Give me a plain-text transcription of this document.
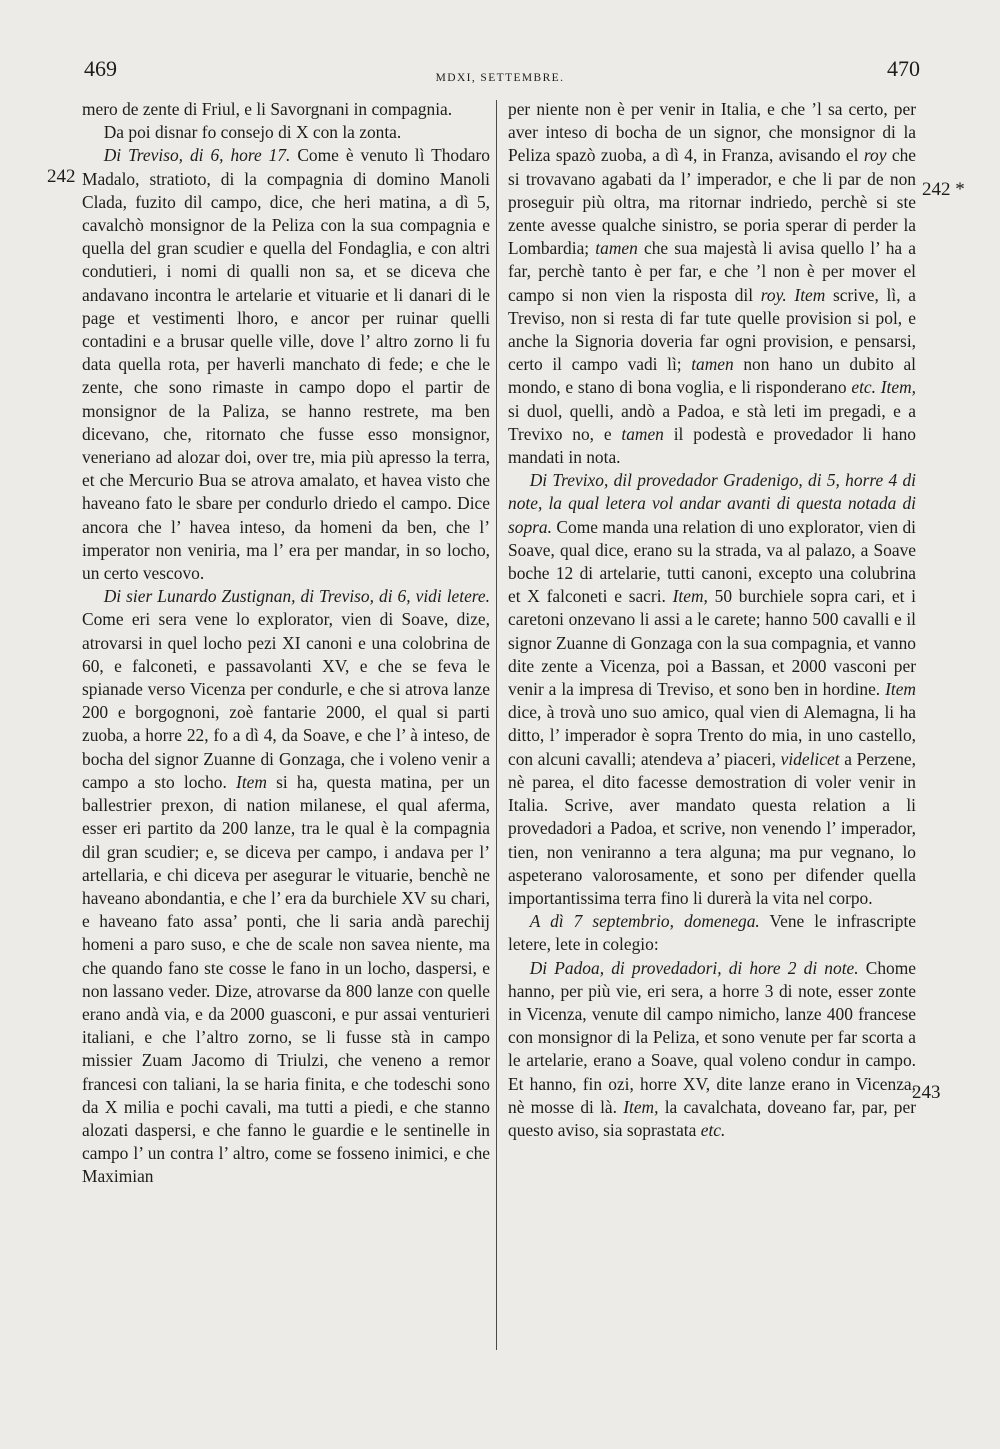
469	MDXI, SETTEMBRE.	470
242
242 *
243

mero de zente di Friul, e li Savorgnani in compagnia.

Da poi disnar fo consejo di X con la zonta.

Di Treviso, di 6, hore 17. Come è venuto lì Thodaro Madalo, stratioto, di la compagnia di domino Manoli Clada, fuzito dil campo, dice, che heri matina, a dì 5, cavalchò monsignor de la Peliza con la sua compagnia e quella del gran scudier e quella del Fondaglia, e con altri condutieri, i nomi di qualli non sa, et se diceva che andavano incontra le artelarie et vituarie et li danari di le page et vestimenti lhoro, e ancor per ruinar quelli contadini e a brusar quelle ville, dove l’ altro zorno li fu data quella rota, per haverli manchato di fede; e che le zente, che sono rimaste in campo dopo el partir de monsignor de la Paliza, se hanno restrete, ma ben dicevano, che, ritornato che fusse esso monsignor, veneriano ad alozar doi, over tre, mia più apresso la terra, et che Mercurio Bua se atrova amalato, et havea visto che haveano fato le sbare per condurlo driedo el campo. Dice ancora che l’ havea inteso, da homeni da ben, che l’ imperator non veniria, ma l’ era per mandar, in so locho, un certo vescovo.

Di sier Lunardo Zustignan, di Treviso, di 6, vidi letere. Come eri sera vene lo explorator, vien di Soave, dize, atrovarsi in quel locho pezi XI canoni e una colobrina de 60, e falconeti, e passavolanti XV, e che se feva le spianade verso Vicenza per condurle, e che si atrova lanze 200 e borgognoni, zoè fantarie 2000, el qual si parti zuoba, a horre 22, fo a dì 4, da Soave, e che l’ à inteso, de bocha del signor Zuanne di Gonzaga, che i voleno venir a campo a sto locho. Item si ha, questa matina, per un ballestrier prexon, di nation milanese, el qual aferma, esser eri partito da 200 lanze, tra le qual è la compagnia dil gran scudier; e, se diceva per campo, i andava per l’ artellaria, e chi diceva per asegurar le vituarie, benchè ne haveano abondantia, e che l’ era da burchiele XV su chari, e haveano fato assa’ ponti, che li saria andà parechij homeni a paro suso, e che de scale non savea niente, ma che quando fano ste cosse le fano in un locho, daspersi, e non lassano veder. Dize, atrovarse da 800 lanze con quelle erano andà via, e da 2000 guasconi, e pur assai venturieri italiani, e che l’altro zorno, se li fusse stà in campo missier Zuam Jacomo di Triulzi, che veneno a remor francesi con taliani, la se haria finita, e che todeschi sono da X milia e pochi cavali, ma tutti a piedi, e che stanno alozati daspersi, e che fanno le guardie e le sentinelle in campo l’ un contra l’ altro, come se fosseno inimici, e che Maximian

per niente non è per venir in Italia, e che ’l sa certo, per aver inteso di bocha de un signor, che monsignor di la Peliza spazò zuoba, a dì 4, in Franza, avisando el roy che si trovavano agabati da l’ imperador, e che li par de non proseguir più oltra, ma ritornar indriedo, perchè si ste zente avesse qualche sinistro, se poria sperar di perder la Lombardia; tamen che sua majestà li avisa quello l’ ha a far, perchè tanto è per far, e che ’l non è per mover el campo si non vien la risposta dil roy. Item scrive, lì, a Treviso, non si resta di far tute quelle provision si pol, e anche la Signoria doveria far ogni provision, e pensarsi, certo il campo vadi lì; tamen non hano un dubito al mondo, e stano di bona voglia, e li risponderano etc. Item, si duol, quelli, andò a Padoa, e stà leti im pregadi, e a Trevixo no, e tamen il podestà e provedador li hano mandati in nota.

Di Trevixo, dil provedador Gradenigo, di 5, horre 4 di note, la qual letera vol andar avanti di questa notada di sopra. Come manda una relation di uno explorator, vien di Soave, qual dice, erano su la strada, va al palazo, a Soave boche 12 di artelarie, tutti canoni, excepto una colubrina et X falconeti e sacri. Item, 50 burchiele sopra cari, et i caretoni onzevano li assi a le carete; hanno 500 cavalli e il signor Zuanne di Gonzaga con la sua compagnia, et vanno dite zente a Vicenza, poi a Bassan, et 2000 vasconi per venir a la impresa di Treviso, et sono ben in hordine. Item dice, à trovà uno suo amico, qual vien di Alemagna, li ha ditto, l’ imperador è sopra Trento do mia, in uno castello, con alcuni cavalli; atendeva a’ piaceri, videlicet a Perzene, nè parea, el dito facesse demostration di voler venir in Italia. Scrive, aver mandato questa relation a li provedadori a Padoa, et scrive, non venendo l’ imperador, tien, non veniranno a tera alguna; ma pur vegnano, lo aspeterano valorosamente, et sono per difender quella importantissima terra fino li durerà la vita nel corpo.

A dì 7 septembrio, domenega. Vene le infrascripte letere, lete in colegio:

Di Padoa, di provedadori, di hore 2 di note. Chome hanno, per più vie, eri sera, a horre 3 di note, esser zonte in Vicenza, venute dil campo nimicho, lanze 400 francese con monsignor di la Peliza, et sono venute per far scorta a le artelarie, erano a Soave, qual voleno condur in campo. Et hanno, fin ozi, horre XV, dite lanze erano in Vicenza, nè mosse di là. Item, la cavalchata, doveano far, par, per questo aviso, sia soprastata etc.
